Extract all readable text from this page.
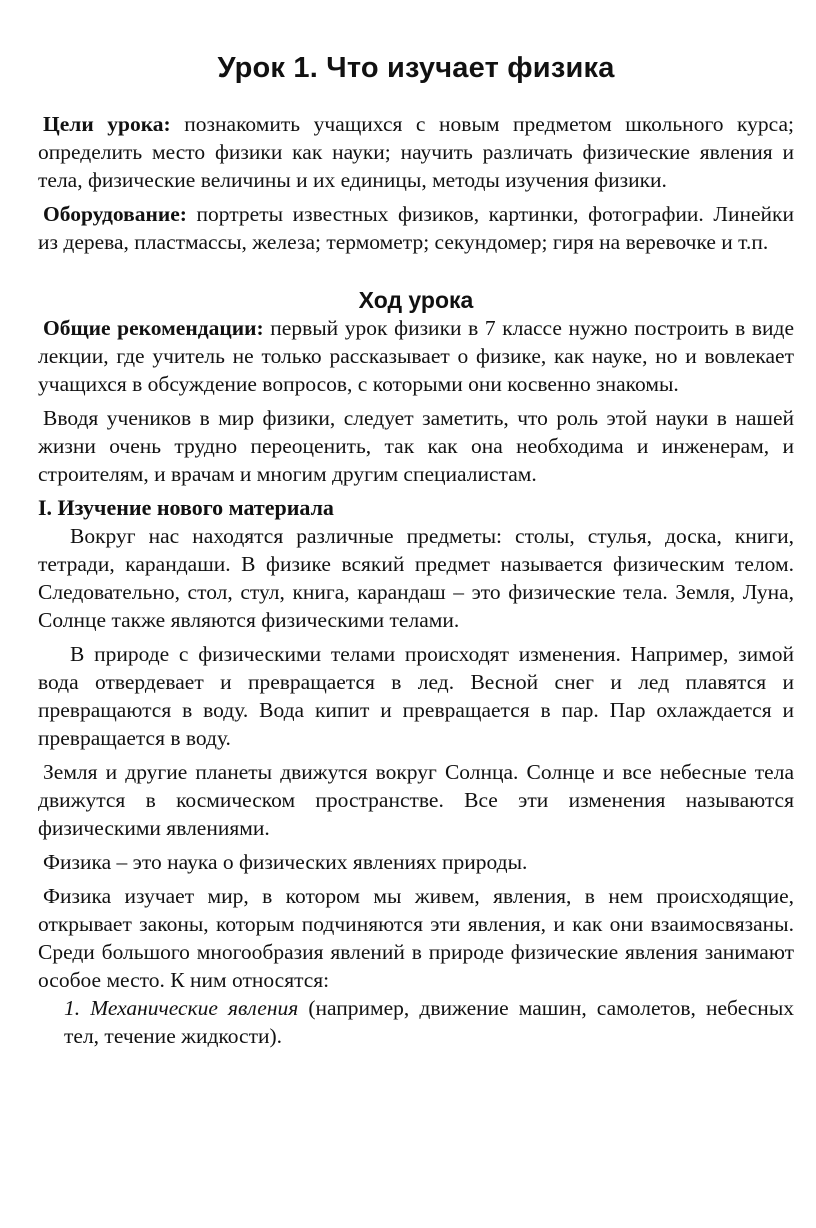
Урок 1. Что изучает физика

Цели урока: познакомить учащихся с новым предметом школьного курса; определить место физики как науки; научить различать физические явления и тела, физические величины и их единицы, методы изучения физики.

Оборудование: портреты известных физиков, картинки, фотографии. Линейки из дерева, пластмассы, железа; термометр; секундомер; гиря на веревочке и т.п.

Ход урока

Общие рекомендации: первый урок физики в 7 классе нужно построить в виде лекции, где учитель не только рассказывает о физике, как науке, но и вовлекает учащихся в обсуждение вопросов, с которыми они косвенно знакомы.

Вводя учеников в мир физики, следует заметить, что роль этой науки в нашей жизни очень трудно переоценить, так как она необходима и инженерам, и строителям, и врачам и многим другим специалистам.

I. Изучение нового материала

Вокруг нас находятся различные предметы: столы, стулья, доска, книги, тетради, карандаши. В физике всякий предмет называется физическим телом. Следовательно, стол, стул, книга, карандаш – это физические тела. Земля, Луна, Солнце также являются физическими телами.

В природе с физическими телами происходят изменения. Например, зимой вода отвердевает и превращается в лед. Весной снег и лед плавятся и превращаются в воду. Вода кипит и превращается в пар. Пар охлаждается и превращается в воду.

Земля и другие планеты движутся вокруг Солнца. Солнце и все небесные тела движутся в космическом пространстве. Все эти изменения называются физическими явлениями.

Физика – это наука о физических явлениях природы.

Физика изучает мир, в котором мы живем, явления, в нем происходящие, открывает законы, которым подчиняются эти явления, и как они взаимосвязаны. Среди большого многообразия явлений в природе физические явления занимают особое место. К ним относятся:

1. Механические явления (например, движение машин, самолетов, небесных тел, течение жидкости).
